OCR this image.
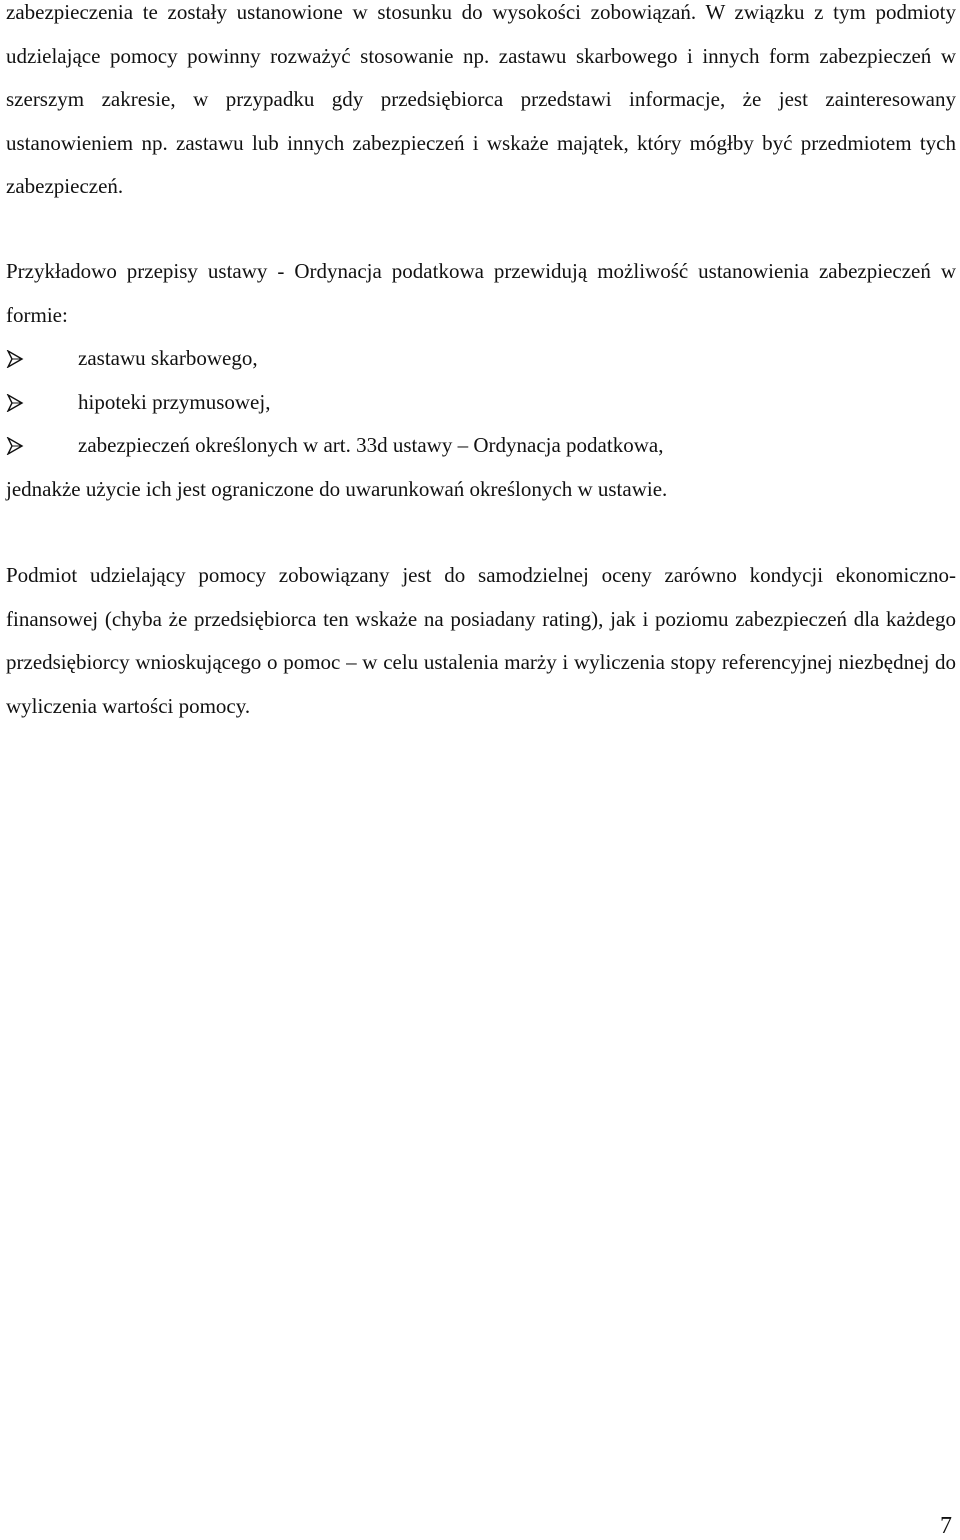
zabezpieczenia te zostały ustanowione w stosunku do wysokości zobowiązań. W związku z tym podmioty udzielające pomocy powinny rozważyć stosowanie np. zastawu skarbowego i innych form zabezpieczeń w szerszym zakresie, w przypadku gdy przedsiębiorca przedstawi informacje, że jest zainteresowany ustanowieniem np. zastawu lub innych zabezpieczeń i wskaże majątek, który mógłby być przedmiotem tych zabezpieczeń.

Przykładowo przepisy ustawy - Ordynacja podatkowa przewidują możliwość ustanowienia zabezpieczeń w formie:
zastawu skarbowego,
hipoteki przymusowej,
zabezpieczeń określonych w art. 33d ustawy – Ordynacja podatkowa,
jednakże użycie ich jest ograniczone do uwarunkowań określonych w ustawie.

Podmiot udzielający pomocy zobowiązany jest do samodzielnej oceny zarówno kondycji ekonomiczno-finansowej (chyba że przedsiębiorca ten wskaże na posiadany rating), jak i poziomu zabezpieczeń dla każdego przedsiębiorcy wnioskującego o pomoc – w celu ustalenia marży i wyliczenia stopy referencyjnej niezbędnej do wyliczenia wartości pomocy.

7
